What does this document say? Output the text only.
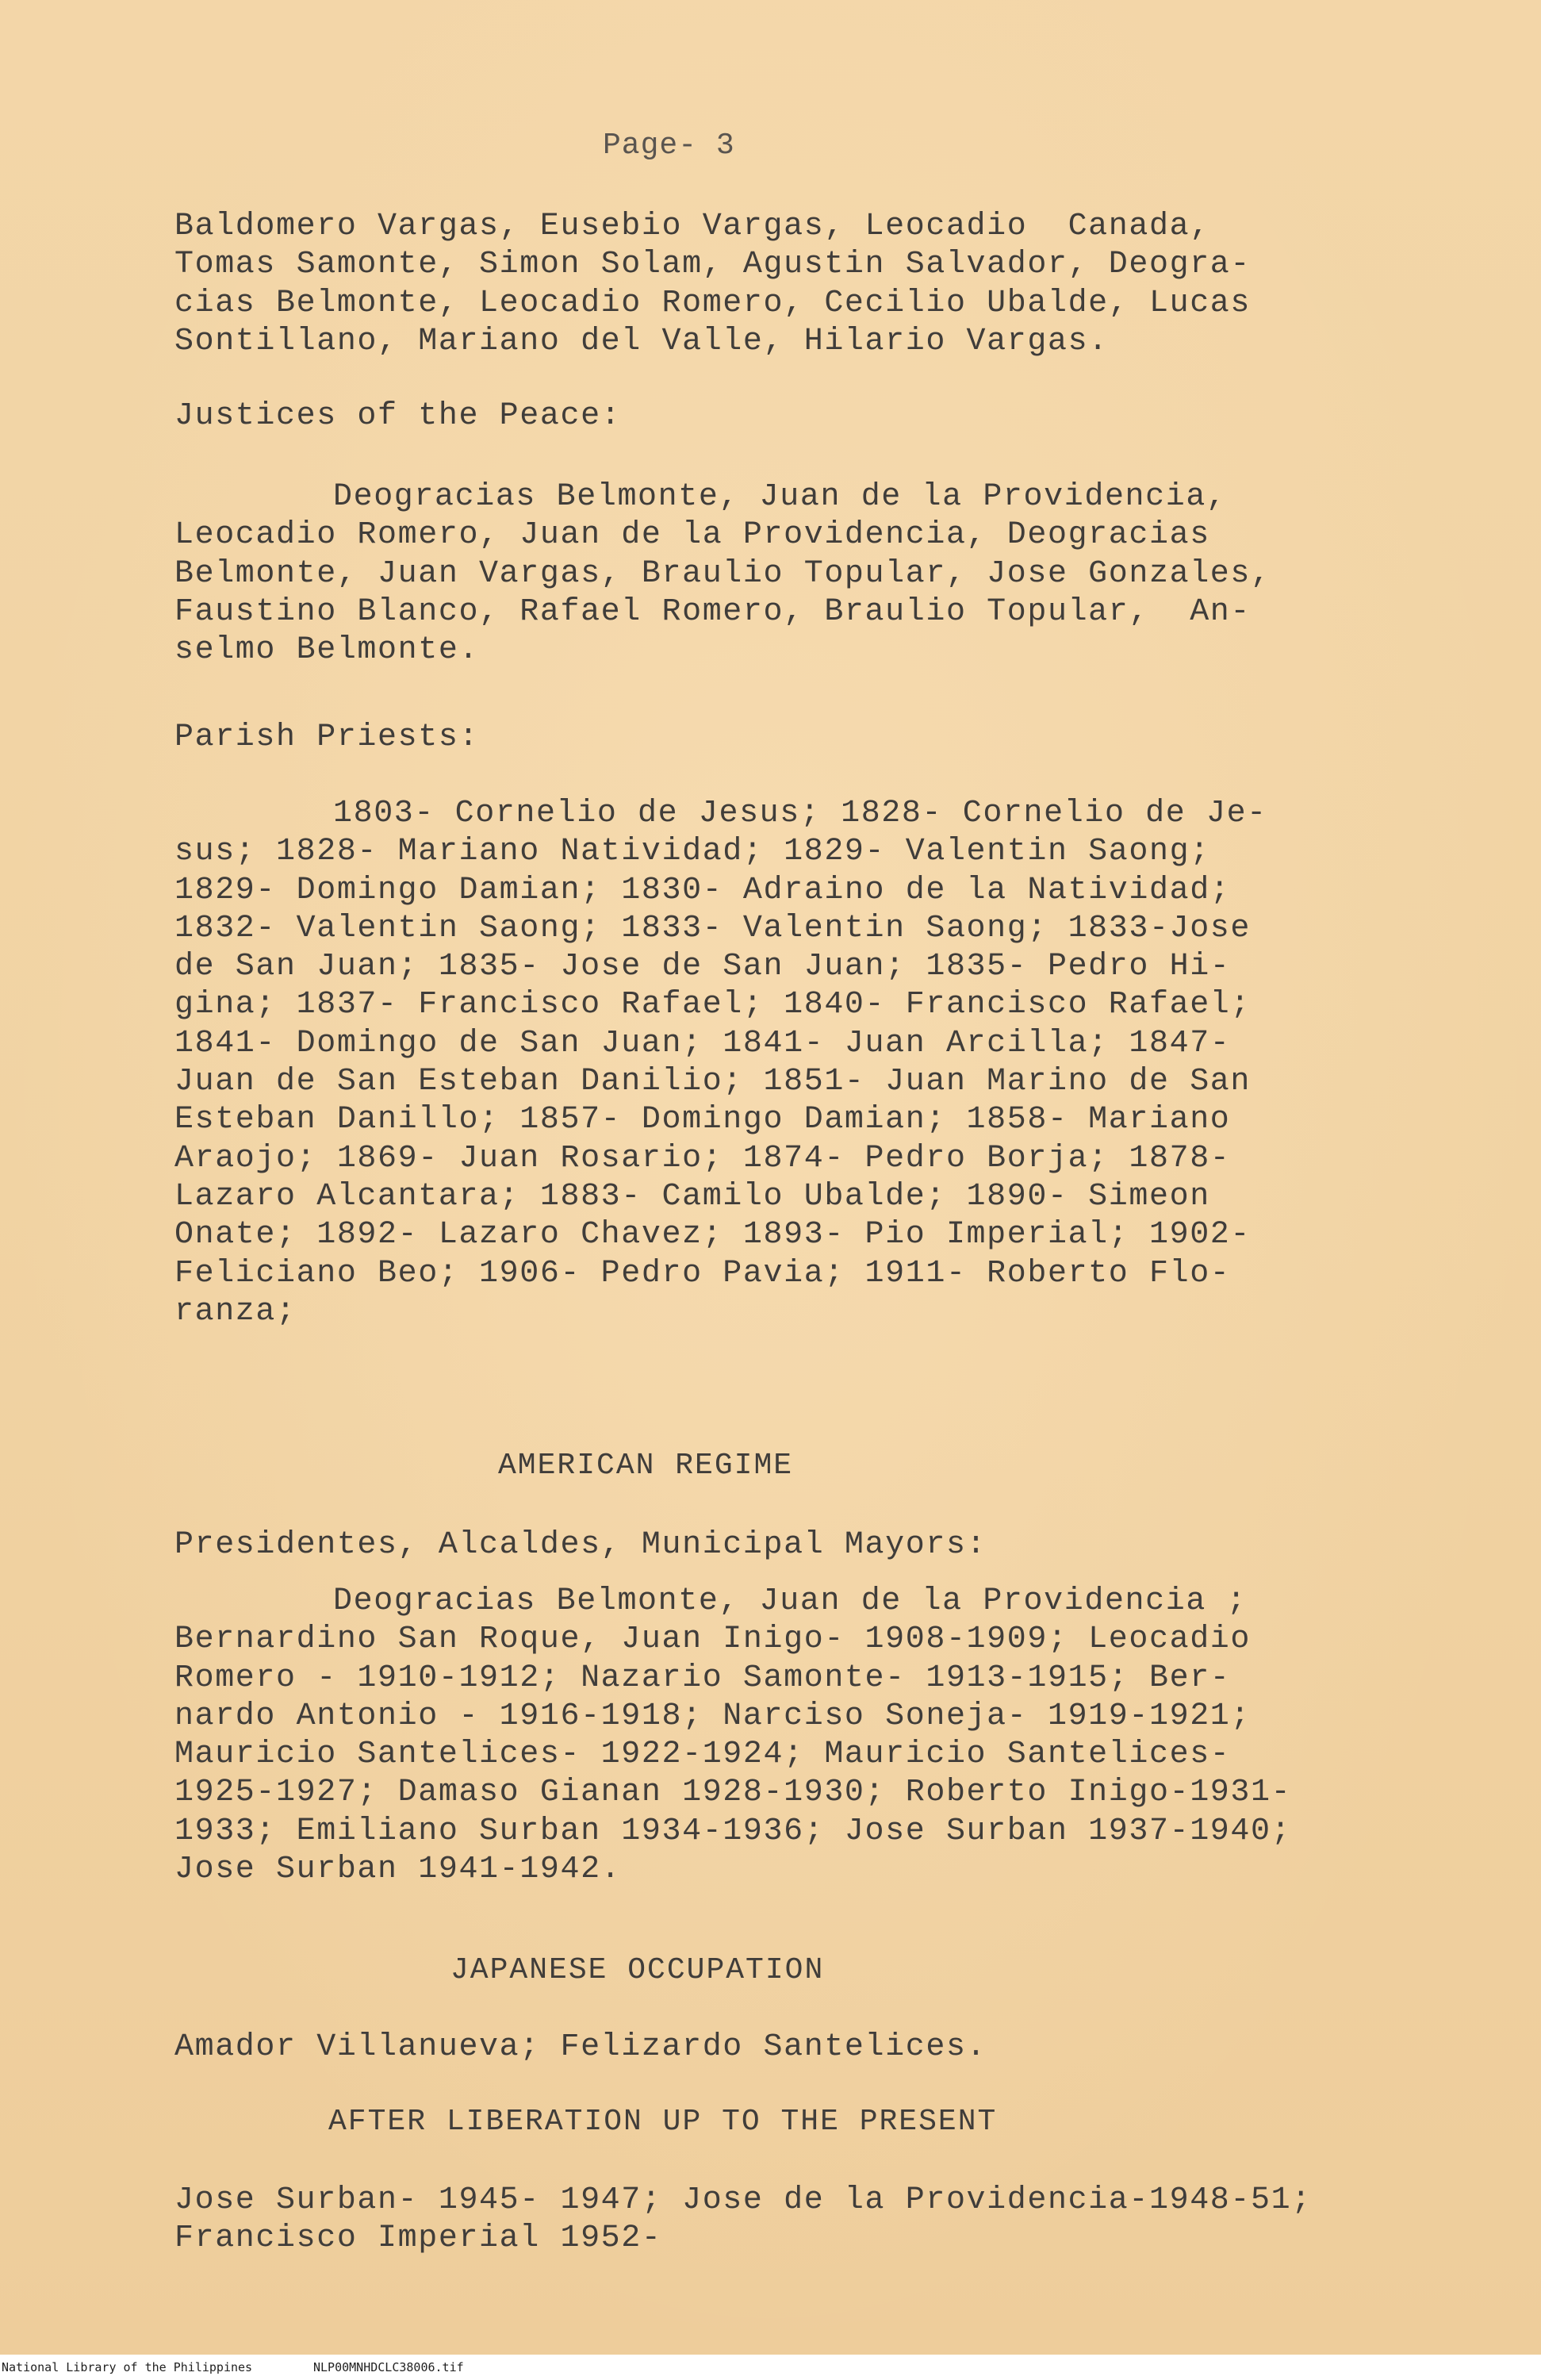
Page- 3
Baldomero Vargas, Eusebio Vargas, Leocadio  Canada,
Tomas Samonte, Simon Solam, Agustin Salvador, Deogra-
cias Belmonte, Leocadio Romero, Cecilio Ubalde, Lucas
Sontillano, Mariano del Valle, Hilario Vargas.
Justices of the Peace:
Deogracias Belmonte, Juan de la Providencia,
Leocadio Romero, Juan de la Providencia, Deogracias
Belmonte, Juan Vargas, Braulio Topular, Jose Gonzales,
Faustino Blanco, Rafael Romero, Braulio Topular,  An-
selmo Belmonte.
Parish Priests:
1803- Cornelio de Jesus; 1828- Cornelio de Je-
sus; 1828- Mariano Natividad; 1829- Valentin Saong;
1829- Domingo Damian; 1830- Adraino de la Natividad;
1832- Valentin Saong; 1833- Valentin Saong; 1833-Jose
de San Juan; 1835- Jose de San Juan; 1835- Pedro Hi-
gina; 1837- Francisco Rafael; 1840- Francisco Rafael;
1841- Domingo de San Juan; 1841- Juan Arcilla; 1847-
Juan de San Esteban Danilio; 1851- Juan Marino de San
Esteban Danillo; 1857- Domingo Damian; 1858- Mariano
Araojo; 1869- Juan Rosario; 1874- Pedro Borja; 1878-
Lazaro Alcantara; 1883- Camilo Ubalde; 1890- Simeon
Onate; 1892- Lazaro Chavez; 1893- Pio Imperial; 1902-
Feliciano Beo; 1906- Pedro Pavia; 1911- Roberto Flo-
ranza;
AMERICAN REGIME
Presidentes, Alcaldes, Municipal Mayors:
Deogracias Belmonte, Juan de la Providencia ;
Bernardino San Roque, Juan Inigo- 1908-1909; Leocadio
Romero - 1910-1912; Nazario Samonte- 1913-1915; Ber-
nardo Antonio - 1916-1918; Narciso Soneja- 1919-1921;
Mauricio Santelices- 1922-1924; Mauricio Santelices-
1925-1927; Damaso Gianan 1928-1930; Roberto Inigo-1931-
1933; Emiliano Surban 1934-1936; Jose Surban 1937-1940;
Jose Surban 1941-1942.
JAPANESE OCCUPATION
Amador Villanueva; Felizardo Santelices.
AFTER LIBERATION UP TO THE PRESENT
Jose Surban- 1945- 1947; Jose de la Providencia-1948-51;
Francisco Imperial 1952-
National Library of the Philippines	NLP00MNHDCLC38006.tif
